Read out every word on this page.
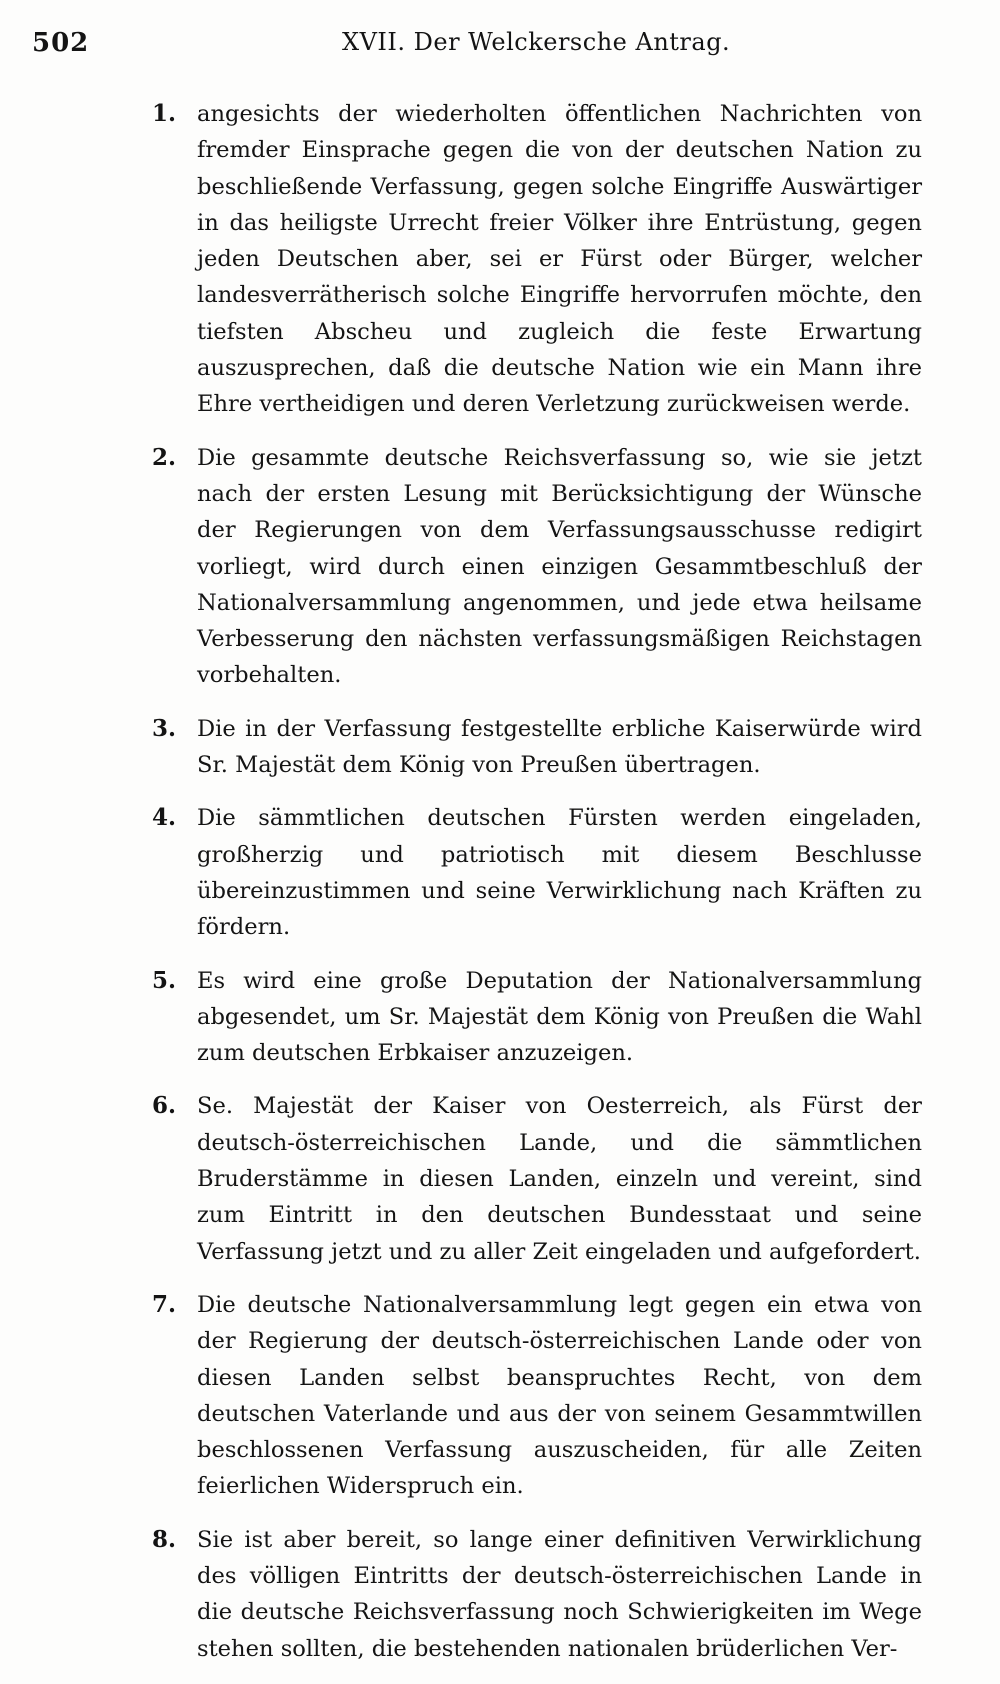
502	XVII. Der Welckersche Antrag.
1. angesichts der wiederholten öffentlichen Nachrichten von fremder Einsprache gegen die von der deutschen Nation zu beschließende Verfassung, gegen solche Eingriffe Auswärtiger in das heiligste Urrecht freier Völker ihre Entrüstung, gegen jeden Deutschen aber, sei er Fürst oder Bürger, welcher landesverrätherisch solche Eingriffe hervorrufen möchte, den tiefsten Abscheu und zugleich die feste Erwartung auszusprechen, daß die deutsche Nation wie ein Mann ihre Ehre vertheidigen und deren Verletzung zurückweisen werde.
2. Die gesammte deutsche Reichsverfassung so, wie sie jetzt nach der ersten Lesung mit Berücksichtigung der Wünsche der Regierungen von dem Verfassungsausschusse redigirt vorliegt, wird durch einen einzigen Gesammtbeschluß der Nationalversammlung angenommen, und jede etwa heilsame Verbesserung den nächsten verfassungsmäßigen Reichstagen vorbehalten.
3. Die in der Verfassung festgestellte erbliche Kaiserwürde wird Sr. Majestät dem König von Preußen übertragen.
4. Die sämmtlichen deutschen Fürsten werden eingeladen, großherzig und patriotisch mit diesem Beschlusse übereinzustimmen und seine Verwirklichung nach Kräften zu fördern.
5. Es wird eine große Deputation der Nationalversammlung abgesendet, um Sr. Majestät dem König von Preußen die Wahl zum deutschen Erbkaiser anzuzeigen.
6. Se. Majestät der Kaiser von Oesterreich, als Fürst der deutsch-österreichischen Lande, und die sämmtlichen Bruderstämme in diesen Landen, einzeln und vereint, sind zum Eintritt in den deutschen Bundesstaat und seine Verfassung jetzt und zu aller Zeit eingeladen und aufgefordert.
7. Die deutsche Nationalversammlung legt gegen ein etwa von der Regierung der deutsch-österreichischen Lande oder von diesen Landen selbst beanspruchtes Recht, von dem deutschen Vaterlande und aus der von seinem Gesammtwillen beschlossenen Verfassung auszuscheiden, für alle Zeiten feierlichen Widerspruch ein.
8. Sie ist aber bereit, so lange einer definitiven Verwirklichung des völligen Eintritts der deutsch-österreichischen Lande in die deutsche Reichsverfassung noch Schwierigkeiten im Wege stehen sollten, die bestehenden nationalen brüderlichen Ver-
